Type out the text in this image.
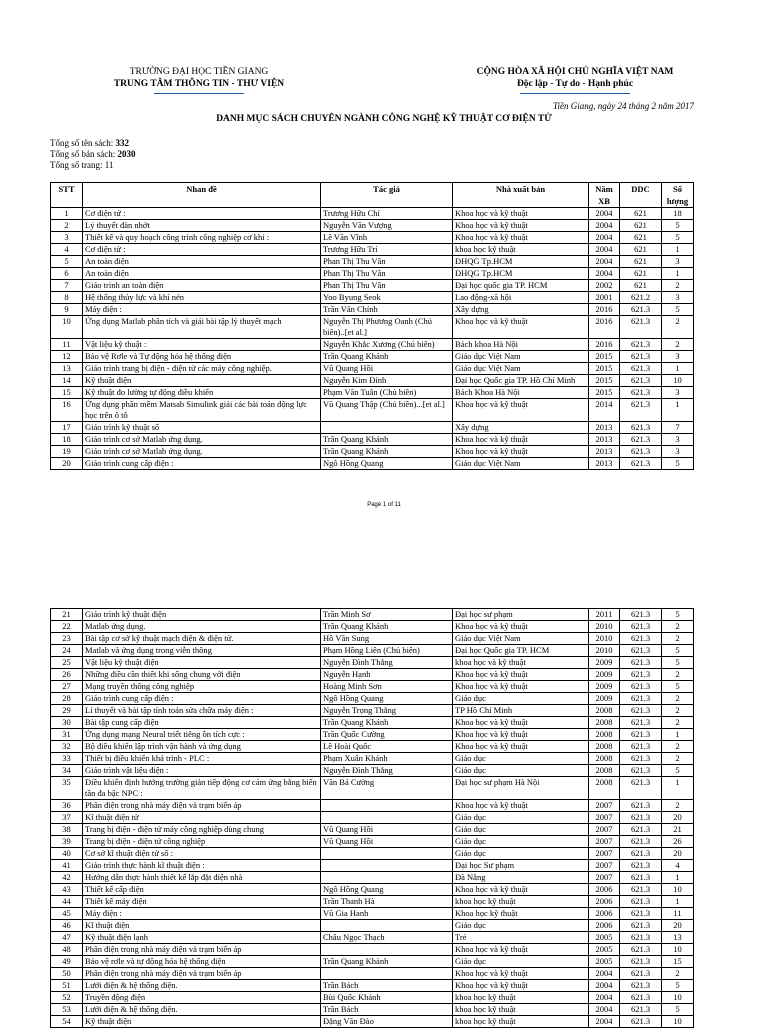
TRƯỜNG ĐẠI HỌC TIỀN GIANG
TRUNG TÂM THÔNG TIN - THƯ VIỆN
CỘNG HÒA XÃ HỘI CHỦ NGHĨA VIỆT NAM
Độc lập - Tự do - Hạnh phúc
Tiền Giang, ngày 24 tháng 2 năm 2017
DANH MỤC SÁCH CHUYÊN NGÀNH CÔNG NGHỆ KỸ THUẬT CƠ ĐIỆN TỬ
Tổng số tên sách: 332
Tổng số bản sách: 2030
Tổng số trang: 11
STT	Nhan đề	Tác giả	Nhà xuất bản	Năm XB	DDC	Số lượng
1	Cơ điện tử :	Trương Hữu Chí	Khoa học và kỹ thuật	2004	621	18
2	Lý thuyết đàn nhớt	Nguyễn Văn Vượng	Khoa học và kỹ thuật	2004	621	5
3	Thiết kế và quy hoạch công trình công nghiệp cơ khí :	Lê Văn Vĩnh	Khoa học và kỹ thuật	2004	621	5
4	Cơ điện tử :	Trương Hữu Trí	khoa học kỹ thuật	2004	621	1
5	An toàn điện	Phan Thị Thu Vân	ĐHQG Tp.HCM	2004	621	3
6	An toàn điện	Phan Thị Thu Vân	ĐHQG Tp.HCM	2004	621	1
7	Giáo trình an toàn điện	Phan Thị Thu Vân	Đại học quốc gia TP. HCM	2002	621	2
8	Hệ thống thủy lực và khí nén	Yoo Byung Seok	Lao động-xã hội	2001	621.2	3
9	Máy điện :	Trần Văn Chính	Xây dựng	2016	621.3	5
10	Ứng dụng Matlab phân tích và giải bài tập lý thuyết mạch	Nguyễn Thị Phương Oanh (Chủ biên)..[et al.]	Khoa học và kỹ thuật	2016	621.3	2
11	Vật liệu kỹ thuật :	Nguyễn Khắc Xương (Chủ biên)	Bách khoa Hà Nội	2016	621.3	2
12	Bảo vệ Rơle và Tự động hóa hệ thống điện	Trần Quang Khánh	Giáo dục Việt Nam	2015	621.3	3
13	Giáo trình trang bị điện - điện tử các máy công nghiệp.	Vũ Quang Hồi	Giáo dục Việt Nam	2015	621.3	1
14	Kỹ thuật điện	Nguyễn Kim Đính	Đại học Quốc gia TP. Hồ Chí Minh	2015	621.3	10
15	Kỹ thuật đo lường tự động điều khiển	Phạm Văn Tuân (Chủ biên)	Bách Khoa Hà Nội	2015	621.3	3
16	Ứng dụng phần mềm Matsab Simulink giải các bài toán động lực học trên ô tô	Vũ Quang Thập (Chủ biên)...[et al.]	Khoa học và kỹ thuật	2014	621.3	1
17	Giáo trình kỹ thuật số		Xây dựng	2013	621.3	7
18	Giáo trình cơ sở Matlab ứng dụng.	Trần Quang Khánh	Khoa học và kỹ thuật	2013	621.3	3
19	Giáo trình cơ sở Matlab ứng dụng.	Trần Quang Khánh	Khoa học và kỹ thuật	2013	621.3	3
20	Giáo trình cung cấp điện :	Ngô Hồng Quang	Giáo dục Việt Nam	2013	621.3	5
Page 1 of 11
21	Giáo trình kỹ thuật điện	Trần Minh Sơ	Đại học sư phạm	2011	621.3	5
22	Matlab ứng dụng.	Trần Quang Khánh	Khoa học và kỹ thuật	2010	621.3	2
23	Bài tập cơ sở kỹ thuật mạch điện & điện tử.	Hồ Văn Sung	Giáo dục Việt Nam	2010	621.3	2
24	Matlab và ứng dụng trong viễn thông	Phạm Hồng Liên (Chủ biên)	Đại học Quốc gia TP. HCM	2010	621.3	5
25	Vật liệu kỹ thuật điện	Nguyễn Đình Thắng	khoa học và kỹ thuật	2009	621.3	5
26	Những điều cần thiết khi sống chung với điện	Nguyễn Hạnh	Khoa học và kỹ thuật	2009	621.3	2
27	Mạng truyền thông công nghiệp	Hoàng Minh Sơn	Khoa học và kỹ thuật	2009	621.3	5
28	Giáo trình cung cấp điện :	Ngô Hồng Quang	Giáo dục	2009	621.3	2
29	Lí thuyết và bài tập tính toán sửa chữa máy điện :	Nguyễn Trọng Thắng	TP Hồ Chí Minh	2008	621.3	2
30	Bài tập cung cấp điện	Trần Quang Khánh	Khoa học và kỹ thuật	2008	621.3	2
31	Ứng dụng mạng Neural triết tiêng ồn tích cực :	Trần Quốc Cường	Khoa học và kỹ thuật	2008	621.3	1
32	Bộ điều khiển lập trình vận hành và ứng dụng	Lê Hoài Quốc	Khoa học và kỹ thuật	2008	621.3	2
33	Thiết bị điều khiển khả trình - PLC :	Phạm Xuân Khánh	Giáo dục	2008	621.3	2
34	Giáo trình vật liệu điện :	Nguyễn Đình Thắng	Giáo dục	2008	621.3	5
35	Điều khiển định hướng trường giản tiếp động cơ cảm ứng bằng biến tần đa bậc NPC :	Văn Bá Cường	Đại học sư phạm Hà Nội	2008	621.3	1
36	Phân điện trong nhà máy điện và trạm biến áp		Khoa học và kỹ thuật	2007	621.3	2
37	Kĩ thuật điện tử		Giáo dục	2007	621.3	20
38	Trang bị điện - điện tử máy công nghiệp dùng chung	Vũ Quang Hồi	Giáo dục	2007	621.3	21
39	Trang bị điện - điện tử công nghiệp	Vũ Quang Hồi	Giáo dục	2007	621.3	26
40	Cơ sở kĩ thuật điện tử số :		Giáo dục	2007	621.3	20
41	Giáo trình thực hành kĩ thuật điện :		Đại học Sư phạm	2007	621.3	4
42	Hướng dẫn thực hành thiết kế lắp đặt điện nhà		Đà Nẵng	2007	621.3	1
43	Thiết kế cấp điện	Ngô Hồng Quang	Khoa học và kỹ thuật	2006	621.3	10
44	Thiết kế máy điện	Trần Thanh Hà	khoa học kỹ thuật	2006	621.3	1
45	Máy điện :	Vũ Gia Hanh	Khoa học kỹ thuật	2006	621.3	11
46	Kĩ thuật điện		Giáo dục	2006	621.3	20
47	Kỹ thuật điện lạnh	Châu Ngọc Thạch	Trẻ	2005	621.3	13
48	Phân điện trong nhà máy điện và trạm biến áp		Khoa học và kỹ thuật	2005	621.3	10
49	Bảo vệ rơle và tự động hóa hệ thống điện	Trần Quang Khánh	Giáo dục	2005	621.3	15
50	Phân điện trong nhà máy điện và trạm biến áp		Khoa học và kỹ thuật	2004	621.3	2
51	Lưới điện & hệ thống điện.	Trần Bách	Khoa học và kỹ thuật	2004	621.3	5
52	Truyền động điện	Bùi Quốc Khánh	khoa học kỹ thuật	2004	621.3	10
53	Lưới điện & hệ thống điện.	Trần Bách	khoa học kỹ thuật	2004	621.3	5
54	Kỹ thuật điện	Đặng Văn Đào	khoa học kỹ thuật	2004	621.3	10
